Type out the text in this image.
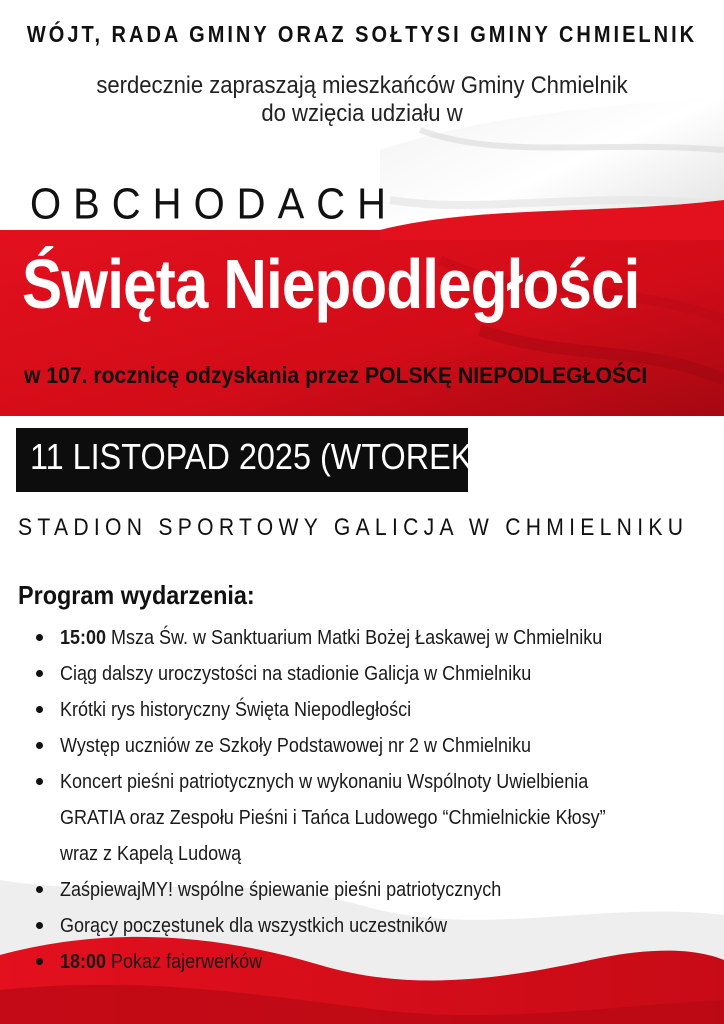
WÓJT, RADA GMINY ORAZ SOŁTYSI GMINY CHMIELNIK

serdecznie zapraszają mieszkańców Gminy Chmielnik
do wzięcia udziału w

OBCHODACH

Święta Niepodległości

w 107. rocznicę odzyskania przez POLSKĘ NIEPODLEGŁOŚCI

11 LISTOPAD 2025 (WTOREK)

STADION SPORTOWY GALICJA W CHMIELNIKU

Program wydarzenia:

15:00 Msza Św. w Sanktuarium Matki Bożej Łaskawej w Chmielniku
Ciąg dalszy uroczystości na stadionie Galicja w Chmielniku
Krótki rys historyczny Święta Niepodległości
Występ uczniów ze Szkoły Podstawowej nr 2 w Chmielniku
Koncert pieśni patriotycznych w wykonaniu Wspólnoty Uwielbienia
GRATIA oraz Zespołu Pieśni i Tańca Ludowego “Chmielnickie Kłosy”
wraz z Kapelą Ludową
ZaśpiewajMY! wspólne śpiewanie pieśni patriotycznych
Gorący poczęstunek dla wszystkich uczestników
18:00 Pokaz fajerwerków
